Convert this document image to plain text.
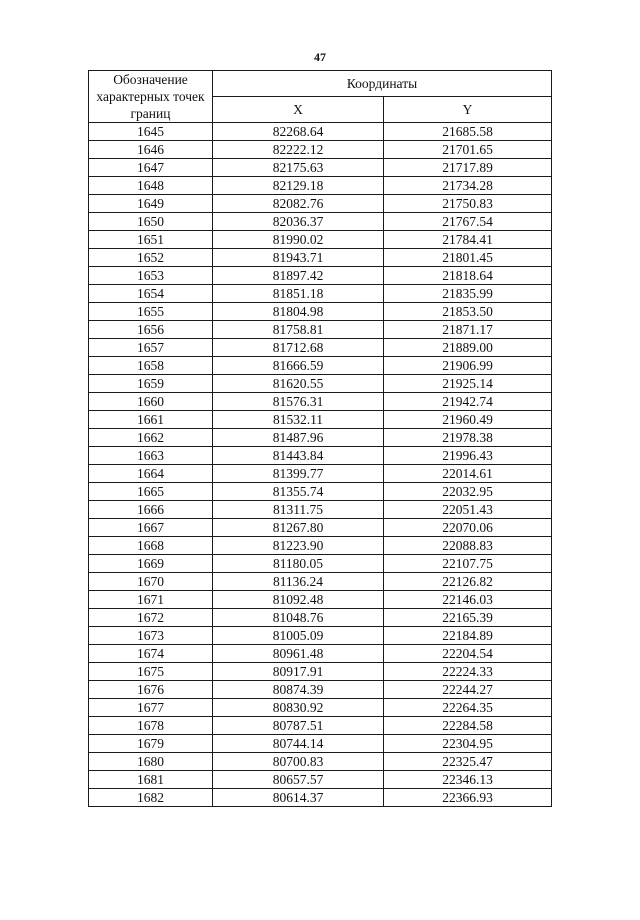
47
Обозначение характерных точек границ	Координаты	
	X	Y
1645	82268.64	21685.58
1646	82222.12	21701.65
1647	82175.63	21717.89
1648	82129.18	21734.28
1649	82082.76	21750.83
1650	82036.37	21767.54
1651	81990.02	21784.41
1652	81943.71	21801.45
1653	81897.42	21818.64
1654	81851.18	21835.99
1655	81804.98	21853.50
1656	81758.81	21871.17
1657	81712.68	21889.00
1658	81666.59	21906.99
1659	81620.55	21925.14
1660	81576.31	21942.74
1661	81532.11	21960.49
1662	81487.96	21978.38
1663	81443.84	21996.43
1664	81399.77	22014.61
1665	81355.74	22032.95
1666	81311.75	22051.43
1667	81267.80	22070.06
1668	81223.90	22088.83
1669	81180.05	22107.75
1670	81136.24	22126.82
1671	81092.48	22146.03
1672	81048.76	22165.39
1673	81005.09	22184.89
1674	80961.48	22204.54
1675	80917.91	22224.33
1676	80874.39	22244.27
1677	80830.92	22264.35
1678	80787.51	22284.58
1679	80744.14	22304.95
1680	80700.83	22325.47
1681	80657.57	22346.13
1682	80614.37	22366.93
